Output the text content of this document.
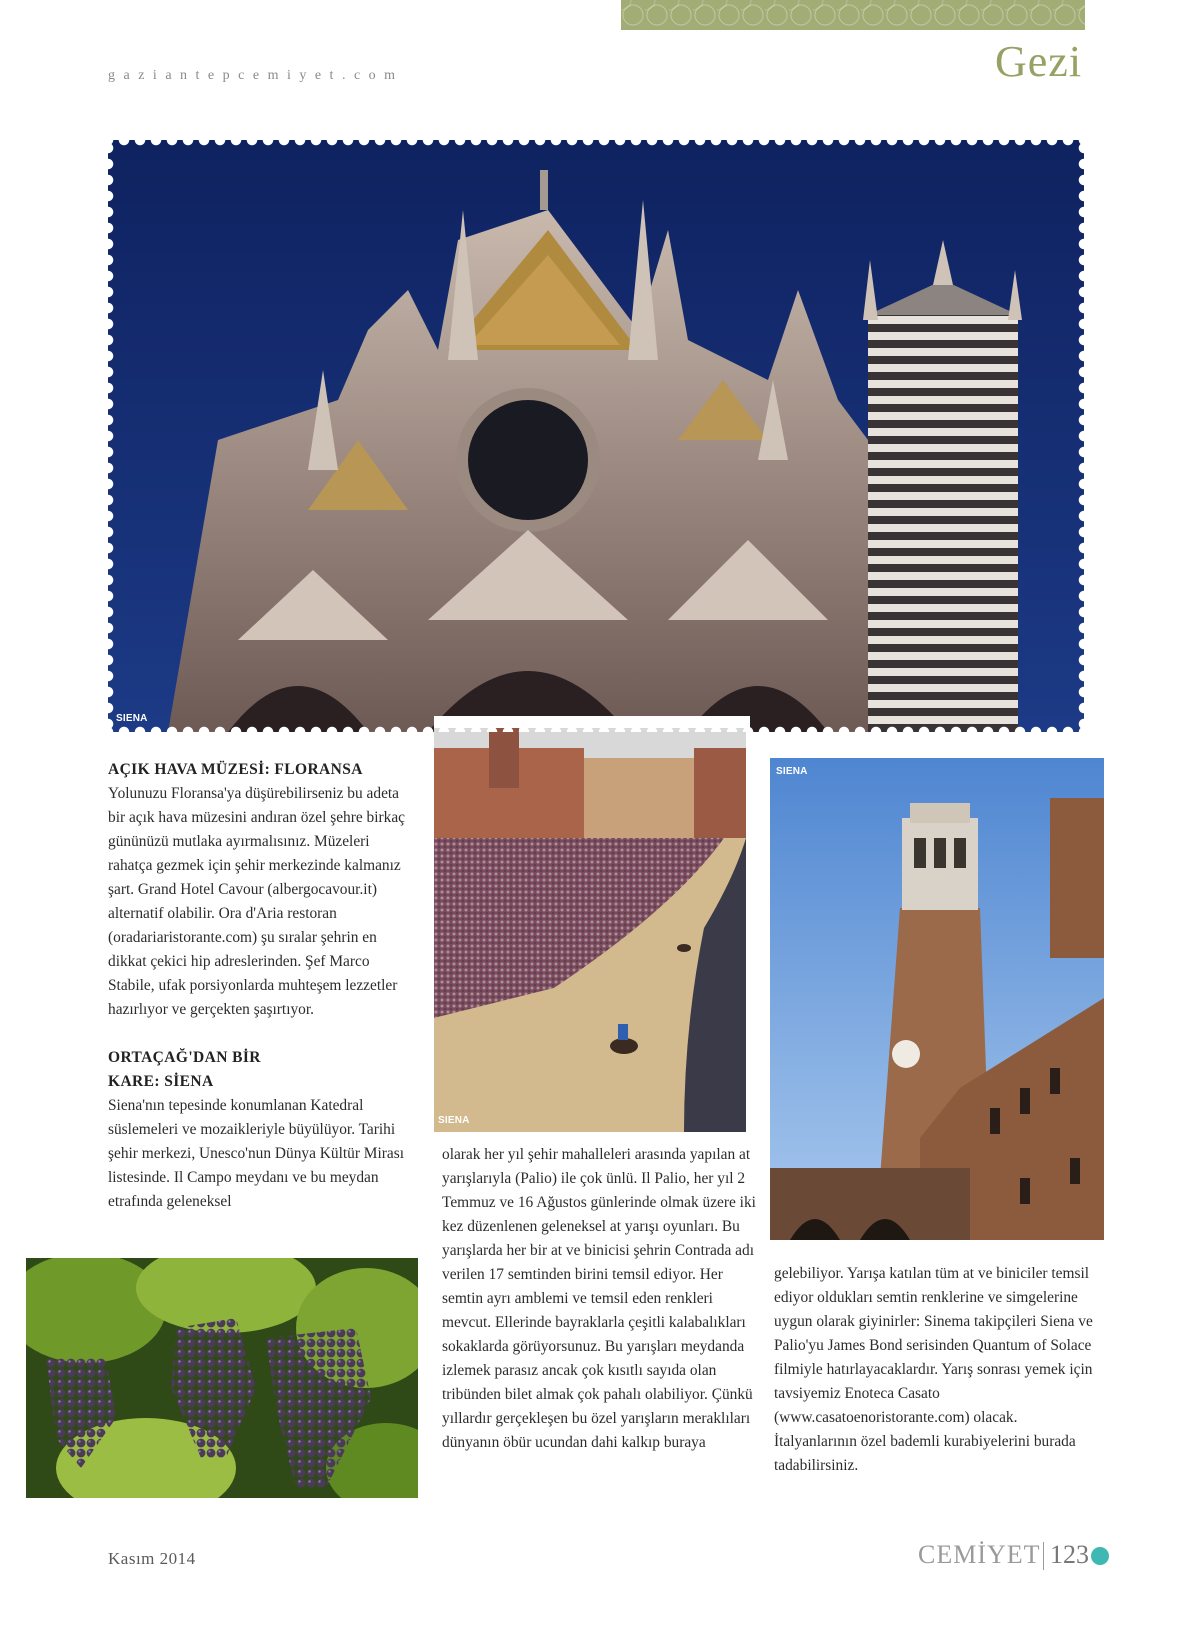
gaziantepcemiyet.com	Gezi
SIENA
SIENA
SIENA
AÇIK HAVA MÜZESİ: FLORANSA

Yolunuzu Floransa'ya düşürebilirseniz bu adeta bir açık hava müzesini andıran özel şehre birkaç gününüzü mutlaka ayırmalısınız. Müzeleri rahatça gezmek için şehir merkezinde kalmanız şart. Grand Hotel Cavour (albergocavour.it) alternatif olabilir. Ora d'Aria restoran (oradariaristorante.com) şu sıralar şehrin en dikkat çekici hip adreslerinden. Şef Marco Stabile, ufak porsiyonlarda muhteşem lezzetler hazırlıyor ve gerçekten şaşırtıyor.

ORTAÇAĞ'DAN BİR
KARE: SİENA

Siena'nın tepesinde konumlanan Katedral süslemeleri ve mozaikleriyle büyülüyor. Tarihi şehir merkezi, Unesco'nun Dünya Kültür Mirası listesinde. Il Campo meydanı ve bu meydan etrafında geleneksel

olarak her yıl şehir mahalleleri arasında yapılan at yarışlarıyla (Palio) ile çok ünlü. Il Palio, her yıl 2 Temmuz ve 16 Ağustos günlerinde olmak üzere iki kez düzenlenen geleneksel at yarışı oyunları. Bu yarışlarda her bir at ve binicisi şehrin Contrada adı verilen 17 semtinden birini temsil ediyor. Her semtin ayrı amblemi ve temsil eden renkleri mevcut. Ellerinde bayraklarla çeşitli kalabalıkları sokaklarda görüyorsunuz. Bu yarışları meydanda izlemek parasız ancak çok kısıtlı sayıda olan tribünden bilet almak çok pahalı olabiliyor. Çünkü yıllardır gerçekleşen bu özel yarışların meraklıları dünyanın öbür ucundan dahi kalkıp buraya

gelebiliyor. Yarışa katılan tüm at ve biniciler temsil ediyor oldukları semtin renklerine ve simgelerine uygun olarak giyinirler: Sinema takipçileri Siena ve Palio'yu James Bond serisinden Quantum of Solace filmiyle hatırlayacaklardır. Yarış sonrası yemek için tavsiyemiz Enoteca Casato (www.casatoenoristorante.com) olacak. İtalyanlarının özel bademli kurabiyelerini burada tadabilirsiniz.

Kasım 2014	CEMİYET 123
